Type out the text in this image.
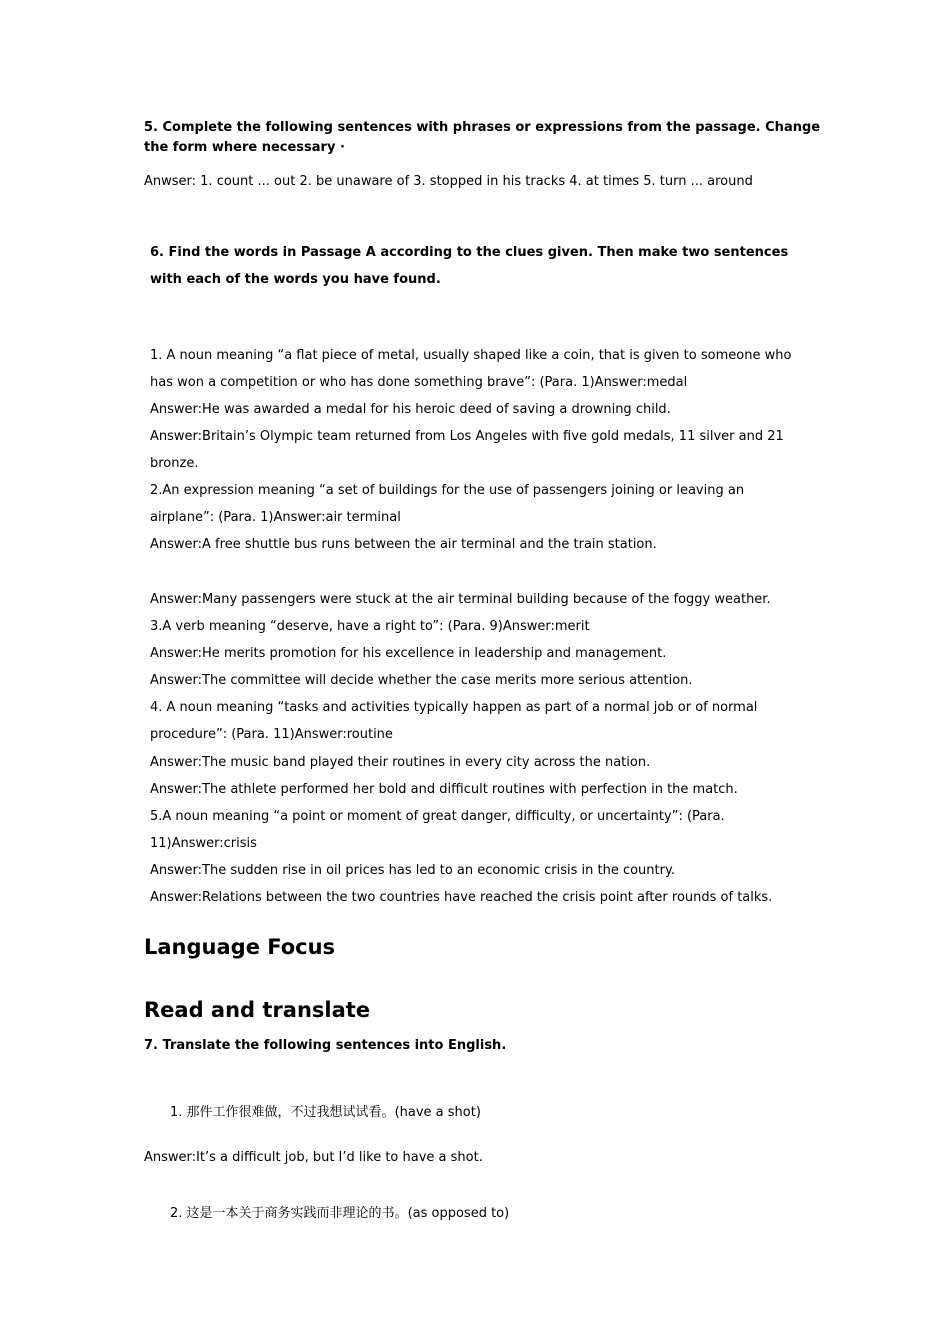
5. Complete the following sentences with phrases or expressions from the passage. Change

the form where necessary ·

Anwser: 1. count ... out 2. be unaware of 3. stopped in his tracks 4. at times 5. turn ... around

6. Find the words in Passage A according to the clues given. Then make two sentences

with each of the words you have found.

1. A noun meaning “a flat piece of metal, usually shaped like a coin, that is given to someone who

has won a competition or who has done something brave”: (Para. 1)Answer:medal

Answer:He was awarded a medal for his heroic deed of saving a drowning child.

Answer:Britain’s Olympic team returned from Los Angeles with five gold medals, 11 silver and 21

bronze.

2.An expression meaning “a set of buildings for the use of passengers joining or leaving an

airplane”: (Para. 1)Answer:air terminal

Answer:A free shuttle bus runs between the air terminal and the train station.

Answer:Many passengers were stuck at the air terminal building because of the foggy weather.

3.A verb meaning “deserve, have a right to”: (Para. 9)Answer:merit

Answer:He merits promotion for his excellence in leadership and management.

Answer:The committee will decide whether the case merits more serious attention.

4. A noun meaning “tasks and activities typically happen as part of a normal job or of normal

procedure”: (Para. 11)Answer:routine

Answer:The music band played their routines in every city across the nation.

Answer:The athlete performed her bold and difficult routines with perfection in the match.

5.A noun meaning “a point or moment of great danger, difficulty, or uncertainty”: (Para.

11)Answer:crisis

Answer:The sudden rise in oil prices has led to an economic crisis in the country.

Answer:Relations between the two countries have reached the crisis point after rounds of talks.

Language Focus
Read and translate

7. Translate the following sentences into English.

1. 那件工作很难做，不过我想试试看。(have a shot)

Answer:It’s a difficult job, but I’d like to have a shot.

2. 这是一本关于商务实践而非理论的书。(as opposed to)
